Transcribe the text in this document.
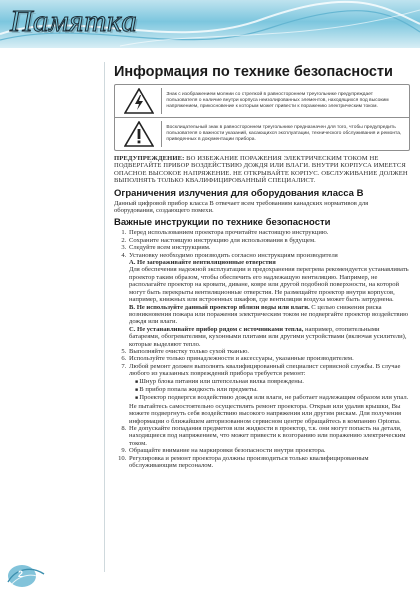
Памятка
Информация по технике безопасности
Знак с изображением молнии со стрелкой в равностороннем треугольнике предупреждает пользователя о наличие внутри корпуса неизолированных элементов, находящихся под высоким напряжением, прикосновение к которым может привести к поражению электрическим током.
Восклицательный знак в равностороннем треугольнике предназначен для того, чтобы предупредить пользователя о важности указаний, касающихся эксплуатации, технического обслуживания и ремонта, приведенных в документации прибора.

ПРЕДУПРЕЖДЕНИЕ: ВО ИЗБЕЖАНИЕ ПОРАЖЕНИЯ ЭЛЕКТРИЧЕСКИМ ТОКОМ НЕ ПОДВЕРГАЙТЕ ПРИБОР ВОЗДЕЙСТВИЮ ДОЖДЯ ИЛИ ВЛАГИ. ВНУТРИ КОРПУСА ИМЕЕТСЯ ОПАСНОЕ ВЫСОКОЕ НАПРЯЖЕНИЕ. НЕ ОТКРЫВАЙТЕ КОРПУС. ОБСЛУЖИВАНИЕ ДОЛЖЕН ВЫПОЛНЯТЬ ТОЛЬКО КВАЛИФИЦИРОВАННЫЙ СПЕЦИАЛИСТ.

Ограничения излучения для оборудования класса B

Данный цифровой прибор класса B отвечает всем требованиям канадских нормативов для оборудования, создающего помехи.

Важные инструкции по технике безопасности
1. Перед использованием проектора прочитайте настоящую инструкцию.
2. Сохраните настоящую инструкцию для использования в будущем.
3. Следуйте всем инструкциям.
4. Установку необходимо производить согласно инструкциям производителя
A. Не загораживайте вентиляционные отверстия
Для обеспечения надежной эксплуатации и предохранения перегрева рекомендуется устанавливать проектор таким образом, чтобы обеспечить его надлежащую вентиляцию. Например, не располагайте проектор на кровати, диване, ковре или другой подобной поверхности, на которой могут быть перекрыты вентиляционные отверстия. Не размещайте проектор внутри корпусов, например, книжных или встроенных шкафов, где вентиляция воздуха может быть затруднена.
B. Не используйте данный проектор вблизи воды или влаги. С целью снижения риска возникновения пожара или поражения электрическим током не подвергайте проектор воздействию дождя или влаги.
C. Не устанавливайте прибор рядом с источниками тепла, например, отопительными батареями, обогревателями, кухонными плитами или другими устройствами (включая усилители), которые выделяют тепло.
5. Выполняйте очистку только сухой тканью.
6. Используйте только принадлежности и аксессуары, указанные производителем.
7. Любой ремонт должен выполнять квалифицированный специалист сервисной службы. В случае любого из указанных повреждений прибора требуется ремонт:
■ Шнур блока питания или штепсельная вилка повреждены.
■ В прибор попала жидкость или предметы.
■ Проектор подвергся воздействию дождя или влаги, не работает надлежащим образом или упал.
Не пытайтесь самостоятельно осуществлять ремонт проектора. Открыв или удалив крышки, Вы можете подвергнуть себя воздействию высокого напряжения или другим рискам. Для получения информации о ближайшем авторизованном сервисном центре обращайтесь в компанию Optoma.
8. Не допускайте попадания предметов или жидкости в проектор, т.к. они могут попасть на детали, находящиеся под напряжением, что может привести к возгоранию или поражению электрическим током.
9. Обращайте внимание на маркировки безопасности внутри проектора.
10. Регулировка и ремонт проектора должны производиться только квалифицированным обслуживающим персоналом.
2
